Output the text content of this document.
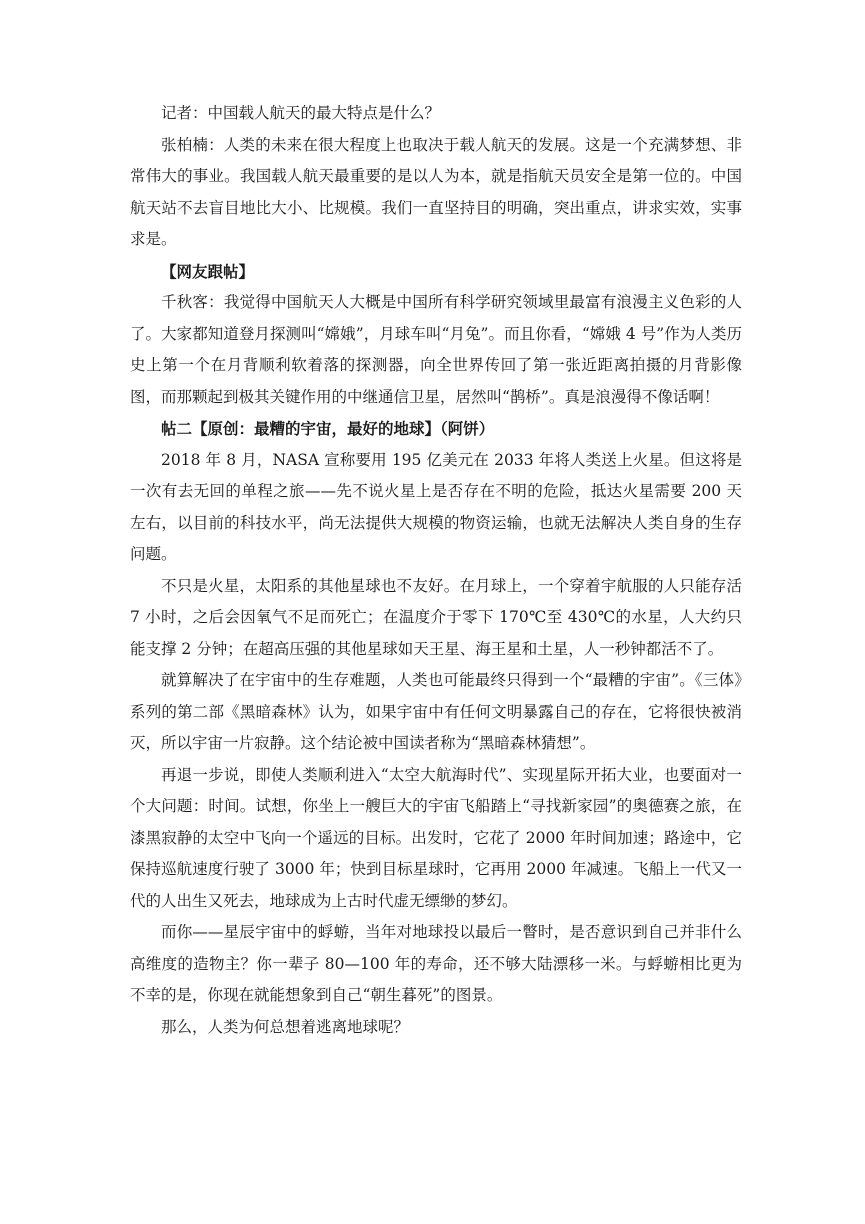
记者：中国载人航天的最大特点是什么？

张柏楠：人类的未来在很大程度上也取决于载人航天的发展。这是一个充满梦想、非常伟大的事业。我国载人航天最重要的是以人为本，就是指航天员安全是第一位的。中国航天站不去盲目地比大小、比规模。我们一直坚持目的明确，突出重点，讲求实效，实事求是。

【网友跟帖】

千秋客：我觉得中国航天人大概是中国所有科学研究领域里最富有浪漫主义色彩的人了。大家都知道登月探测叫“嫦娥”，月球车叫“月兔”。而且你看，“嫦娥 4 号”作为人类历史上第一个在月背顺利软着落的探测器，向全世界传回了第一张近距离拍摄的月背影像图，而那颗起到极其关键作用的中继通信卫星，居然叫“鹊桥”。真是浪漫得不像话啊！

帖二【原创：最糟的宇宙，最好的地球】（阿饼）

2018 年 8 月，NASA 宣称要用 195 亿美元在 2033 年将人类送上火星。但这将是一次有去无回的单程之旅——先不说火星上是否存在不明的危险，抵达火星需要 200 天左右，以目前的科技水平，尚无法提供大规模的物资运输，也就无法解决人类自身的生存问题。

不只是火星，太阳系的其他星球也不友好。在月球上，一个穿着宇航服的人只能存活 7 小时，之后会因氧气不足而死亡；在温度介于零下 170℃至 430℃的水星，人大约只能支撑 2 分钟；在超高压强的其他星球如天王星、海王星和土星，人一秒钟都活不了。

就算解决了在宇宙中的生存难题，人类也可能最终只得到一个“最糟的宇宙”。《三体》系列的第二部《黑暗森林》认为，如果宇宙中有任何文明暴露自己的存在，它将很快被消灭，所以宇宙一片寂静。这个结论被中国读者称为“黑暗森林猜想”。

再退一步说，即使人类顺利进入“太空大航海时代”、实现星际开拓大业，也要面对一个大问题：时间。试想，你坐上一艘巨大的宇宙飞船踏上“寻找新家园”的奥德赛之旅，在漆黑寂静的太空中飞向一个遥远的目标。出发时，它花了 2000 年时间加速；路途中，它保持巡航速度行驶了 3000 年；快到目标星球时，它再用 2000 年减速。飞船上一代又一代的人出生又死去，地球成为上古时代虚无缥缈的梦幻。

而你——星辰宇宙中的蜉蝣，当年对地球投以最后一瞥时，是否意识到自己并非什么高维度的造物主？你一辈子 80—100 年的寿命，还不够大陆漂移一米。与蜉蝣相比更为不幸的是，你现在就能想象到自己“朝生暮死”的图景。

那么，人类为何总想着逃离地球呢？
